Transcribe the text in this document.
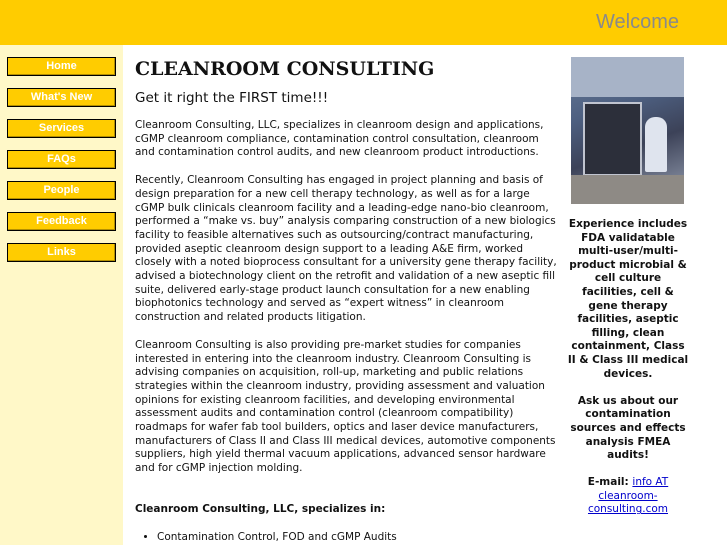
Welcome
Home
What's New
Services
FAQs
People
Feedback
Links
CLEANROOM CONSULTING

Get it right the FIRST time!!!

Cleanroom Consulting, LLC, specializes in cleanroom design and applications, cGMP cleanroom compliance, contamination control consultation, cleanroom and contamination control audits, and new cleanroom product introductions.

Recently, Cleanroom Consulting has engaged in project planning and basis of design preparation for a new cell therapy technology, as well as for a large cGMP bulk clinicals cleanroom facility and a leading-edge nano-bio cleanroom, performed a “make vs. buy” analysis comparing construction of a new biologics facility to feasible alternatives such as outsourcing/contract manufacturing, provided aseptic cleanroom design support to a leading A&E firm, worked closely with a noted bioprocess consultant for a university gene therapy facility, advised a biotechnology client on the retrofit and validation of a new aseptic fill suite, delivered early-stage product launch consultation for a new enabling biophotonics technology and served as “expert witness” in cleanroom construction and related products litigation.

Cleanroom Consulting is also providing pre-market studies for companies interested in entering into the cleanroom industry. Cleanroom Consulting is advising companies on acquisition, roll-up, marketing and public relations strategies within the cleanroom industry, providing assessment and valuation opinions for existing cleanroom facilities, and developing environmental assessment audits and contamination control (cleanroom compatibility) roadmaps for wafer fab tool builders, optics and laser device manufacturers, manufacturers of Class II and Class III medical devices, automotive components suppliers, high yield thermal vacuum applications, advanced sensor hardware and for cGMP injection molding.

Cleanroom Consulting, LLC, specializes in:

• Contamination Control, FOD and cGMP Audits

Experience includes FDA validatable multi-user/multi-product microbial & cell culture facilities, cell & gene therapy facilities, aseptic filling, clean containment, Class II & Class III medical devices.

Ask us about our contamination sources and effects analysis FMEA audits!

E-mail: info AT cleanroom-consulting.com
